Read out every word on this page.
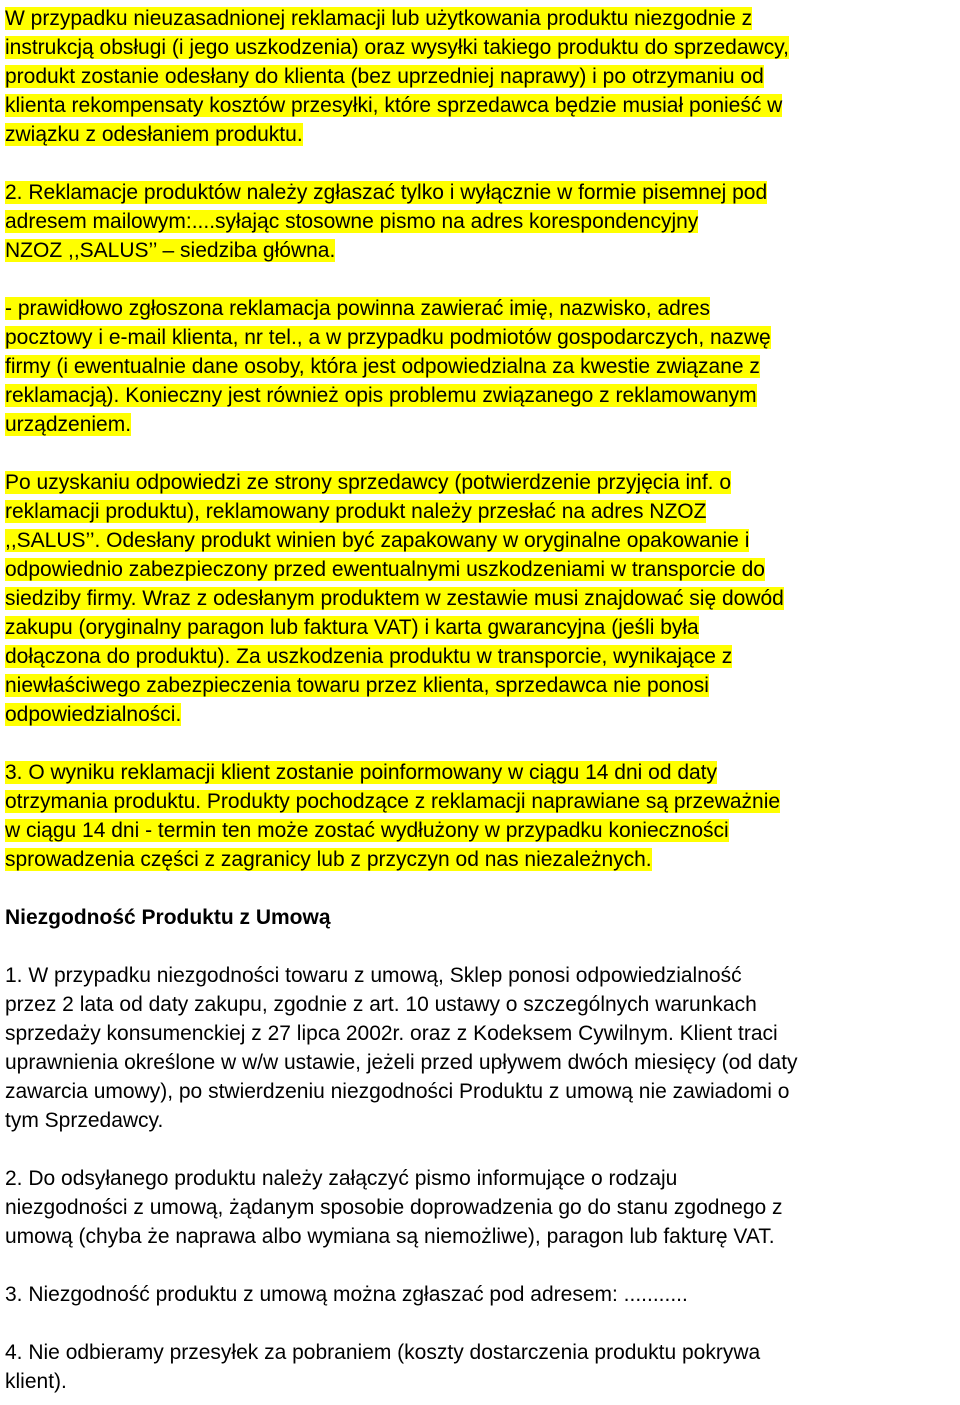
W przypadku nieuzasadnionej reklamacji lub użytkowania produktu niezgodnie z
instrukcją obsługi (i jego uszkodzenia) oraz wysyłki takiego produktu do sprzedawcy,
produkt zostanie odesłany do klienta (bez uprzedniej naprawy) i po otrzymaniu od
klienta rekompensaty kosztów przesyłki, które sprzedawca będzie musiał ponieść w
związku z odesłaniem produktu.
2. Reklamacje produktów należy zgłaszać tylko i wyłącznie w formie pisemnej pod
adresem mailowym:....syłając stosowne pismo na adres korespondencyjny
NZOZ ,,SALUS’’ – siedziba główna.
- prawidłowo zgłoszona reklamacja powinna zawierać imię, nazwisko, adres
pocztowy i e-mail klienta, nr tel., a w przypadku podmiotów gospodarczych, nazwę
firmy (i ewentualnie dane osoby, która jest odpowiedzialna za kwestie związane z
reklamacją). Konieczny jest również opis problemu związanego z reklamowanym
urządzeniem.
Po uzyskaniu odpowiedzi ze strony sprzedawcy (potwierdzenie przyjęcia inf. o
reklamacji produktu), reklamowany produkt należy przesłać na adres NZOZ
,,SALUS’’. Odesłany produkt winien być zapakowany w oryginalne opakowanie i
odpowiednio zabezpieczony przed ewentualnymi uszkodzeniami w transporcie do
siedziby firmy. Wraz z odesłanym produktem w zestawie musi znajdować się dowód
zakupu (oryginalny paragon lub faktura VAT) i karta gwarancyjna (jeśli była
dołączona do produktu). Za uszkodzenia produktu w transporcie, wynikające z
niewłaściwego zabezpieczenia towaru przez klienta, sprzedawca nie ponosi
odpowiedzialności.
3. O wyniku reklamacji klient zostanie poinformowany w ciągu 14 dni od daty
otrzymania produktu. Produkty pochodzące z reklamacji naprawiane są przeważnie
w ciągu 14 dni - termin ten może zostać wydłużony w przypadku konieczności
sprowadzenia części z zagranicy lub z przyczyn od nas niezależnych.
Niezgodność Produktu z Umową
1. W przypadku niezgodności towaru z umową, Sklep ponosi odpowiedzialność
przez 2 lata od daty zakupu, zgodnie z art. 10 ustawy o szczególnych warunkach
sprzedaży konsumenckiej z 27 lipca 2002r. oraz z Kodeksem Cywilnym. Klient traci
uprawnienia określone w w/w ustawie, jeżeli przed upływem dwóch miesięcy (od daty
zawarcia umowy), po stwierdzeniu niezgodności Produktu z umową nie zawiadomi o
tym Sprzedawcy.
2. Do odsyłanego produktu należy załączyć pismo informujące o rodzaju
niezgodności z umową, żądanym sposobie doprowadzenia go do stanu zgodnego z
umową (chyba że naprawa albo wymiana są niemożliwe), paragon lub fakturę VAT.
3. Niezgodność produktu z umową można zgłaszać pod adresem: ...........
4. Nie odbieramy przesyłek za pobraniem (koszty dostarczenia produktu pokrywa
klient).
